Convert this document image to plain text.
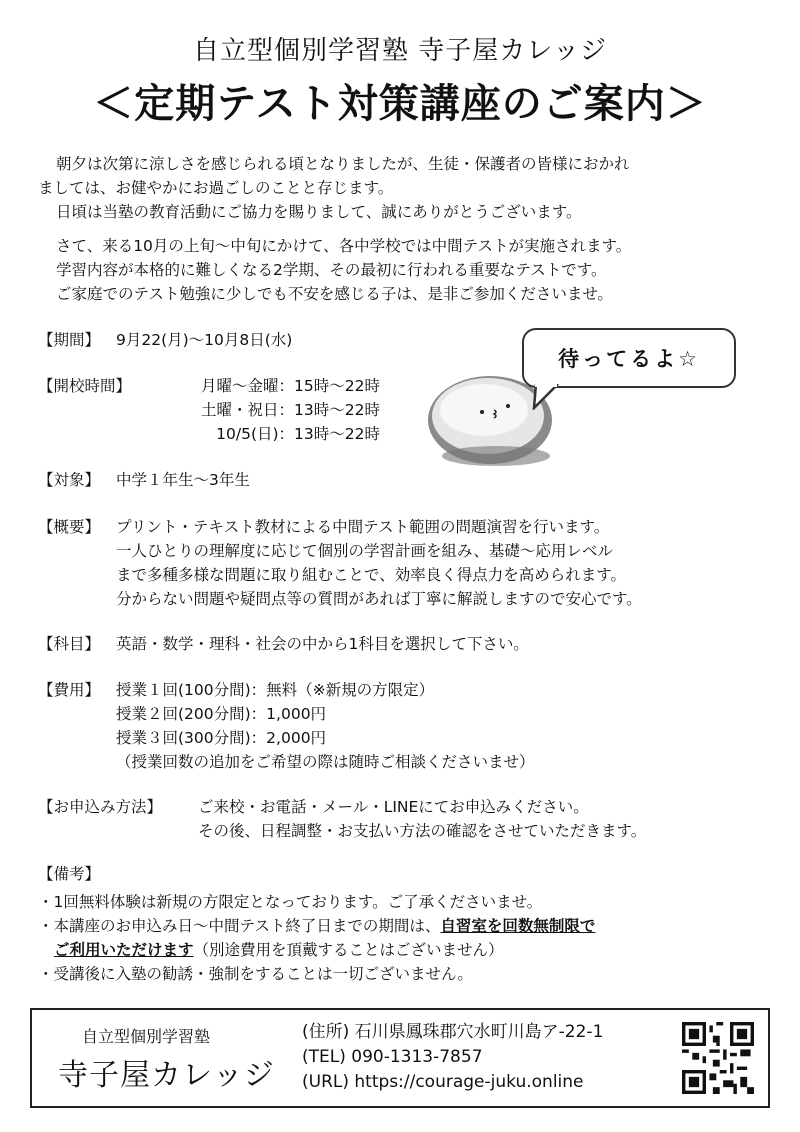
自立型個別学習塾 寺子屋カレッジ
＜定期テスト対策講座のご案内＞

朝夕は次第に涼しさを感じられる頃となりましたが、生徒・保護者の皆様におかれ

ましては、お健やかにお過ごしのことと存じます。

日頃は当塾の教育活動にご協力を賜りまして、誠にありがとうございます。

さて、来る10月の上旬～中旬にかけて、各中学校では中間テストが実施されます。

学習内容が本格的に難しくなる2学期、その最初に行われる重要なテストです。

ご家庭でのテスト勉強に少しでも不安を感じる子は、是非ご参加くださいませ。

【期間】 9月22(月)～10月8日(水)
【開校時間】	月曜～金曜：15時～22時
土曜・祝日：13時～22時
10/5(日)：13時～22時
待ってるよ☆
【対象】 中学１年生～3年生
【概要】 プリント・テキスト教材による中間テスト範囲の問題演習を行います。
一人ひとりの理解度に応じて個別の学習計画を組み、基礎～応用レベル
まで多種多様な問題に取り組むことで、効率良く得点力を高められます。
分からない問題や疑問点等の質問があれば丁寧に解説しますので安心です。
【科目】 英語・数学・理科・社会の中から1科目を選択して下さい。
【費用】 授業１回(100分間)：無料（※新規の方限定）
授業２回(200分間)：1,000円
授業３回(300分間)：2,000円
（授業回数の追加をご希望の際は随時ご相談くださいませ）
【お申込み方法】 ご来校・お電話・メール・LINEにてお申込みください。
その後、日程調整・お支払い方法の確認をさせていただきます。
【備考】
・1回無料体験は新規の方限定となっております。ご了承くださいませ。
・本講座のお申込み日～中間テスト終了日までの期間は、自習室を回数無制限で
ご利用いただけます（別途費用を頂戴することはございません）
・受講後に入塾の勧誘・強制をすることは一切ございません。
自立型個別学習塾
寺子屋カレッジ
(住所) 石川県鳳珠郡穴水町川島ア-22-1
(TEL) 090-1313-7857
(URL) https://courage-juku.online
